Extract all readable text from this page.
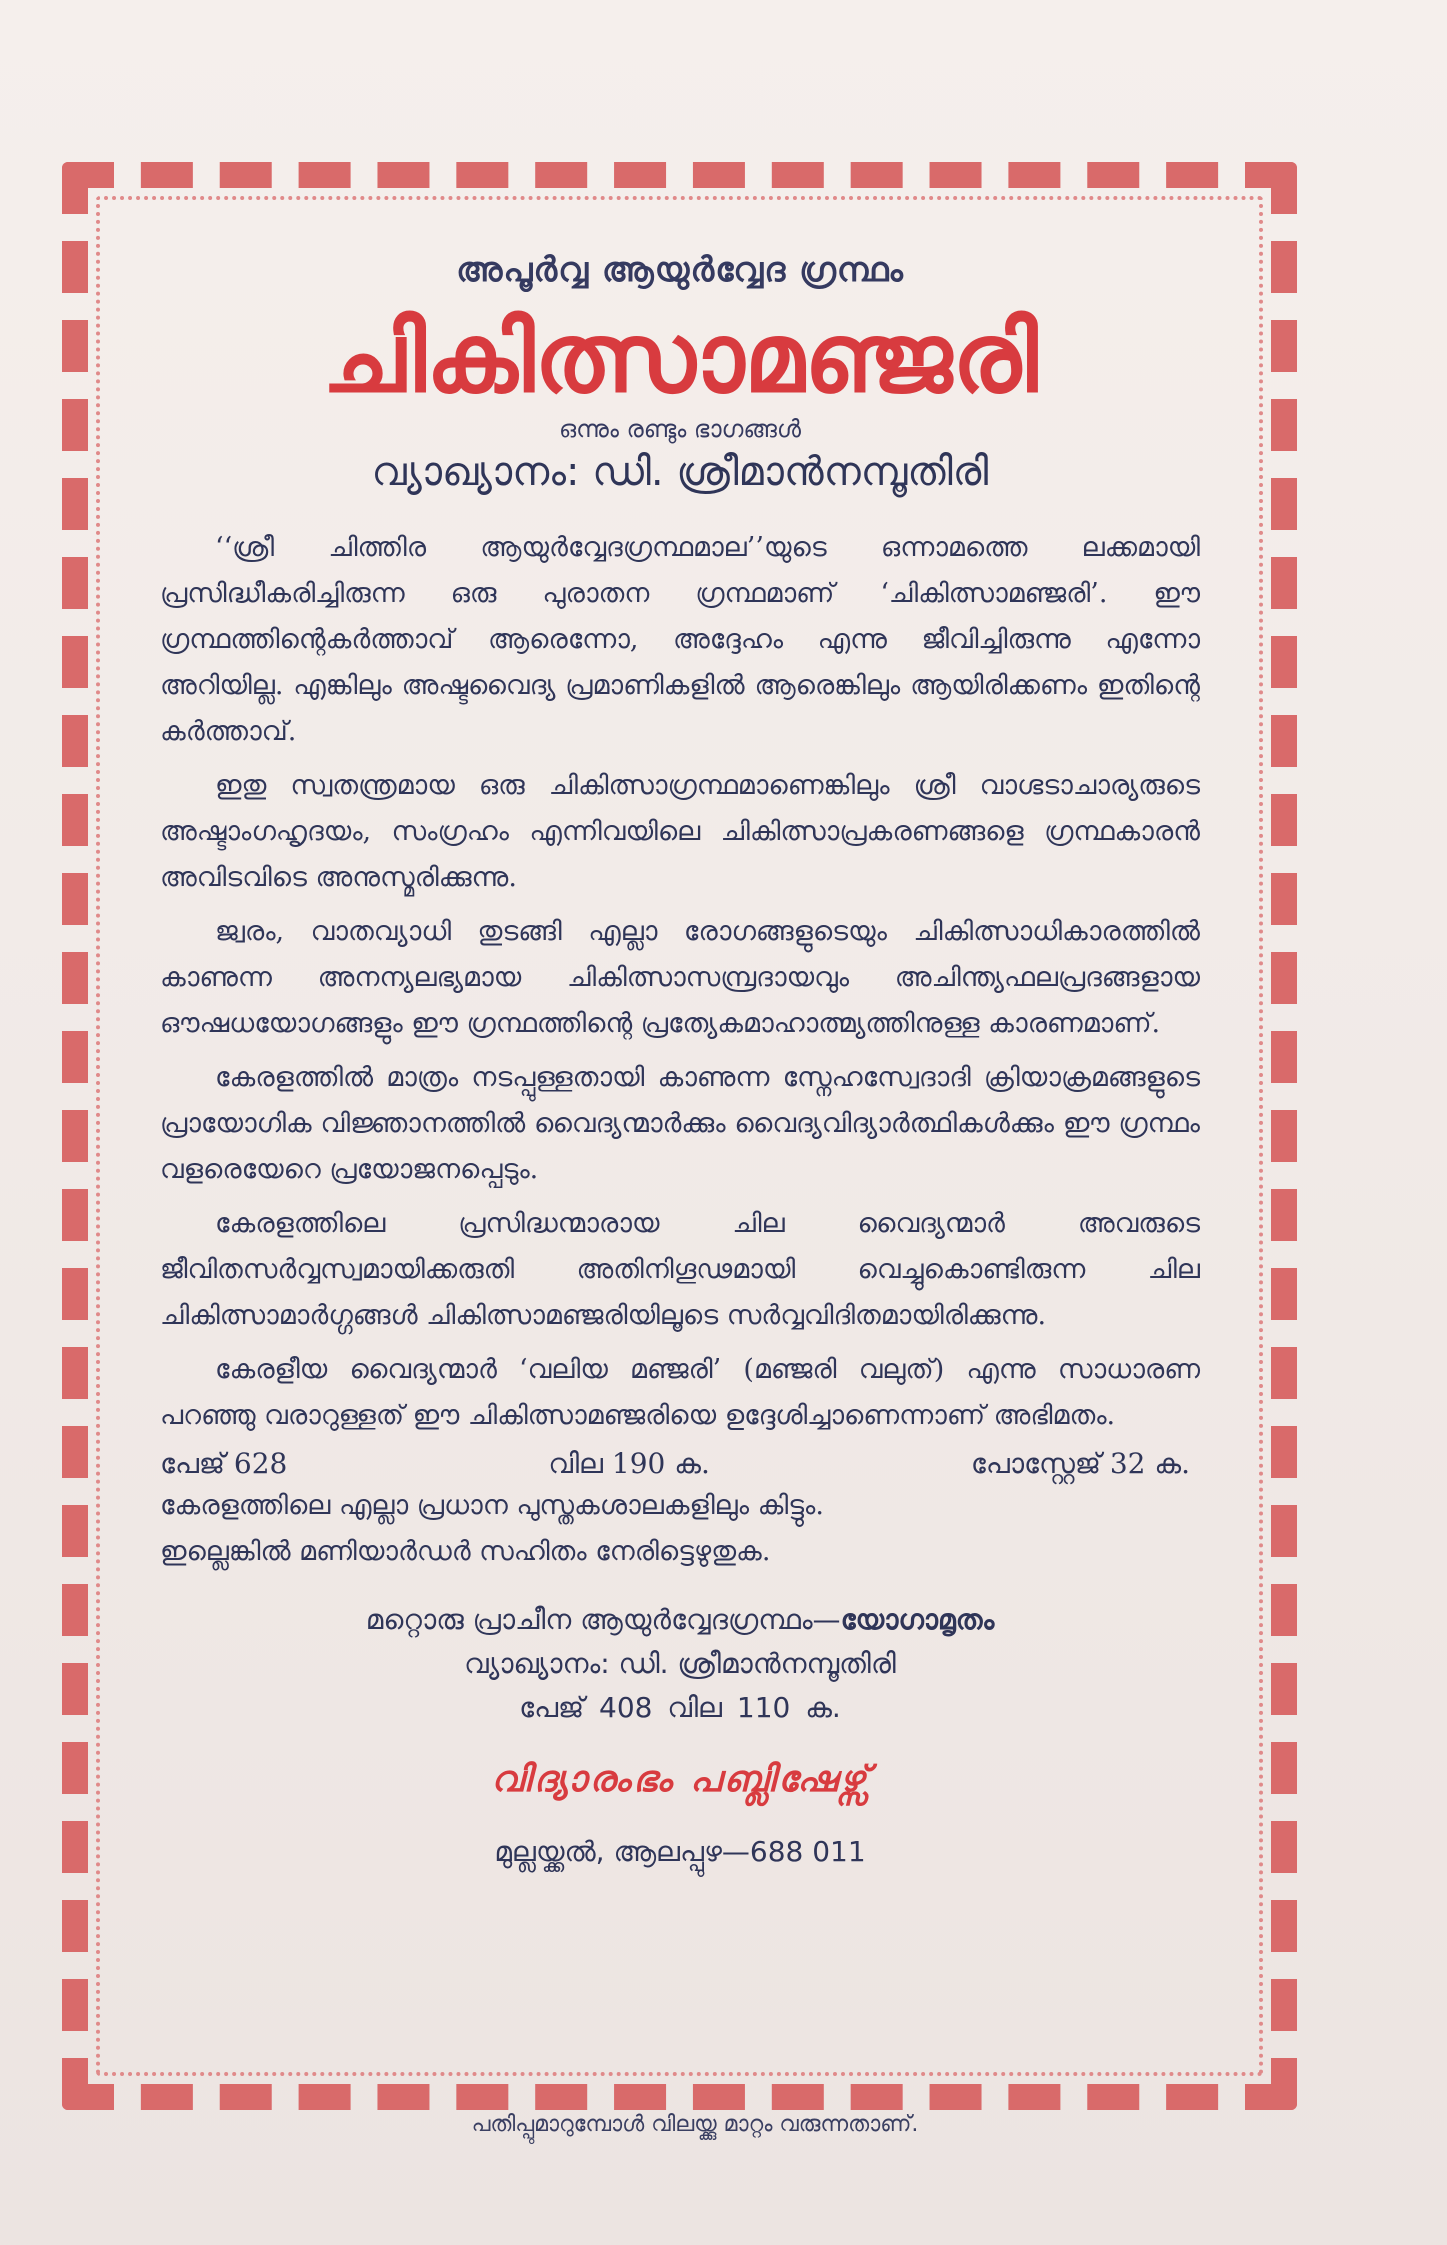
അപൂർവ്വ ആയുർവ്വേദ ഗ്രന്ഥം

ചികിത്സാമഞ്ജരി

ഒന്നും രണ്ടും ഭാഗങ്ങൾ

വ്യാഖ്യാനം: ഡി. ശ്രീമാൻനമ്പൂതിരി

‘‘ശ്രീ ചിത്തിര ആയുർവ്വേദഗ്രന്ഥമാല’’യുടെ ഒന്നാമത്തെ ലക്കമായി പ്രസിദ്ധീകരിച്ചിരുന്ന ഒരു പുരാതന ഗ്രന്ഥമാണ് ‘ചികിത്സാമഞ്ജരി’. ഈ ഗ്രന്ഥത്തിന്റെകർത്താവ് ആരെന്നോ, അദ്ദേഹം എന്നു ജീവിച്ചിരുന്നു എന്നോ അറിയില്ല. എങ്കിലും അഷ്ടവൈദ്യ പ്രമാണികളിൽ ആരെങ്കിലും ആയിരിക്കണം ഇതിന്റെ കർത്താവ്.

ഇതു സ്വതന്ത്രമായ ഒരു ചികിത്സാഗ്രന്ഥമാണെങ്കിലും ശ്രീ വാഗ്ഭടാചാര്യരുടെ അഷ്ടാംഗഹൃദയം, സംഗ്രഹം എന്നിവയിലെ ചികിത്സാപ്രകരണങ്ങളെ ഗ്രന്ഥകാരൻ അവിടവിടെ അനുസ്മരിക്കുന്നു.

ജ്വരം, വാതവ്യാധി തുടങ്ങി എല്ലാ രോഗങ്ങളുടെയും ചികിത്സാധികാരത്തിൽ കാണുന്ന അനന്യലഭ്യമായ ചികിത്സാസമ്പ്രദായവും അചിന്ത്യഫലപ്രദങ്ങളായ ഔഷധയോഗങ്ങളും ഈ ഗ്രന്ഥത്തിന്റെ പ്രത്യേകമാഹാത്മ്യത്തിനുള്ള കാരണമാണ്.

കേരളത്തിൽ മാത്രം നടപ്പുള്ളതായി കാണുന്ന സ്നേഹസ്വേദാദി ക്രിയാക്രമങ്ങളുടെ പ്രായോഗിക വിജ്ഞാനത്തിൽ വൈദ്യന്മാർക്കും വൈദ്യവിദ്യാർത്ഥികൾക്കും ഈ ഗ്രന്ഥം വളരെയേറെ പ്രയോജനപ്പെടും.

കേരളത്തിലെ പ്രസിദ്ധന്മാരായ ചില വൈദ്യന്മാർ അവരുടെ ജീവിതസർവ്വസ്വമായിക്കരുതി അതിനിഗൂഢമായി വെച്ചുകൊണ്ടിരുന്ന ചില ചികിത്സാമാർഗ്ഗങ്ങൾ ചികിത്സാമഞ്ജരിയിലൂടെ സർവ്വവിദിതമായിരിക്കുന്നു.

കേരളീയ വൈദ്യന്മാർ ‘വലിയ മഞ്ജരി’ (മഞ്ജരി വലുത്) എന്നു സാധാരണ പറഞ്ഞു വരാറുള്ളത് ഈ ചികിത്സാമഞ്ജരിയെ ഉദ്ദേശിച്ചാണെന്നാണ് അഭിമതം.

പേജ് 628	വില 190 ക.	പോസ്റ്റേജ് 32 ക.

കേരളത്തിലെ എല്ലാ പ്രധാന പുസ്തകശാലകളിലും കിട്ടും.

ഇല്ലെങ്കിൽ മണിയാർഡർ സഹിതം നേരിട്ടെഴുതുക.

മറ്റൊരു പ്രാചീന ആയുർവ്വേദഗ്രന്ഥം—യോഗാമൃതം

വ്യാഖ്യാനം: ഡി. ശ്രീമാൻനമ്പൂതിരി

പേജ് 408 വില 110 ക.

വിദ്യാരംഭം പബ്ലിഷേഴ്സ്

മുല്ലയ്ക്കൽ, ആലപ്പുഴ—688 011

പതിപ്പുമാറുമ്പോൾ വിലയ്ക്കു മാറ്റം വരുന്നതാണ്.
